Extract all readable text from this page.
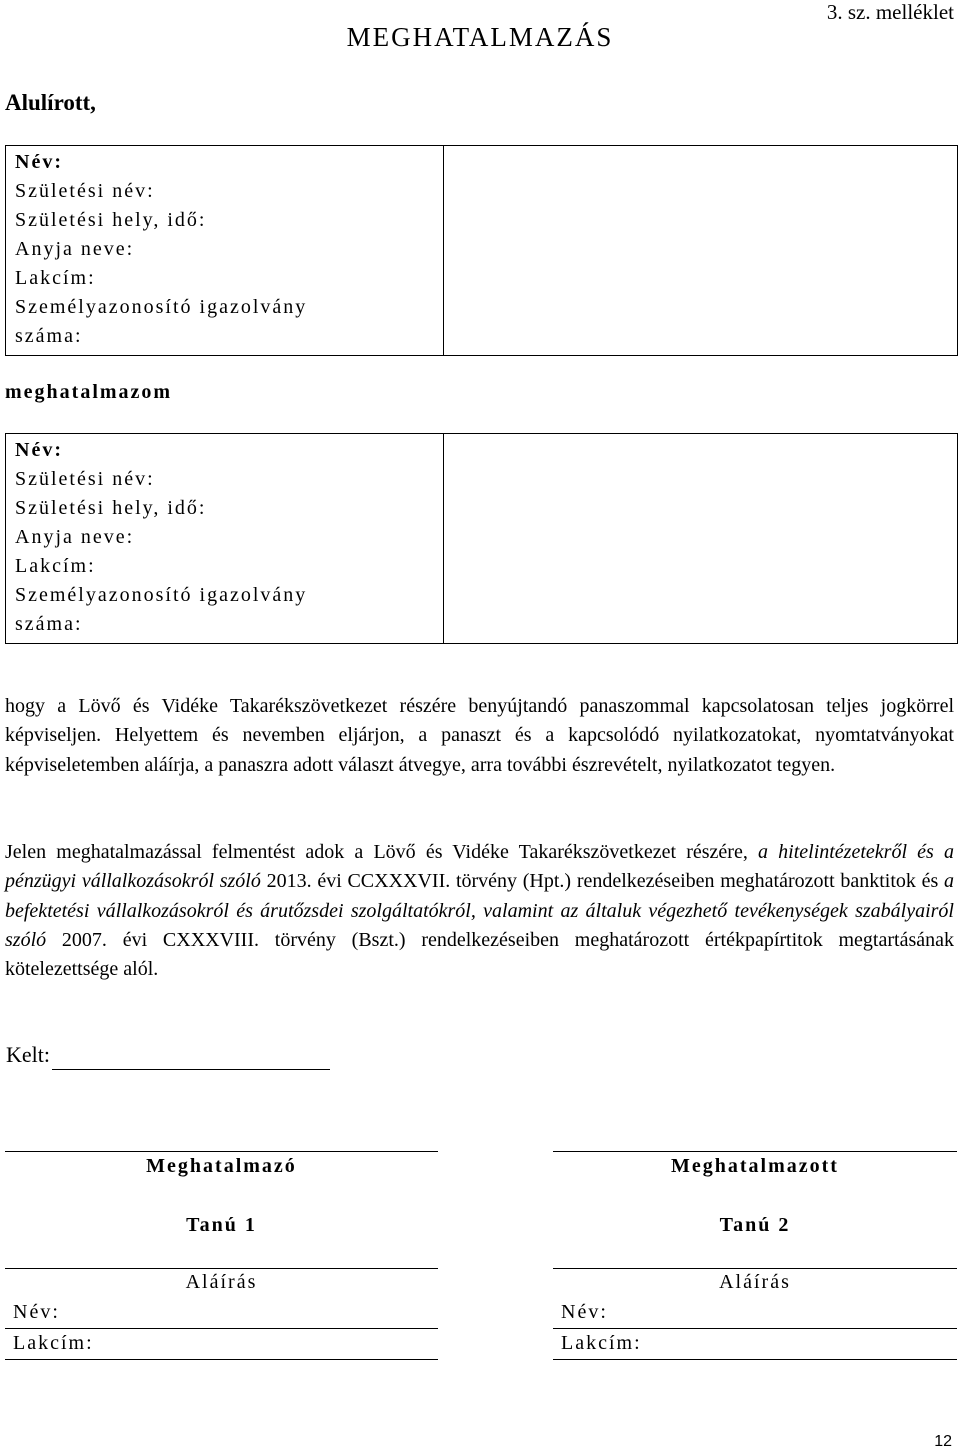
3. sz. melléklet
MEGHATALMAZÁS
Alulírott,
Név:
Születési név:
Születési hely, idő:
Anyja neve:
Lakcím:
Személyazonosító igazolvány
száma:

meghatalmazom
Név:
Születési név:
Születési hely, idő:
Anyja neve:
Lakcím:
Személyazonosító igazolvány
száma:

hogy a Lövő és Vidéke Takarékszövetkezet részére benyújtandó panaszommal kapcsolatosan teljes jogkörrel képviseljen. Helyettem és nevemben eljárjon, a panaszt és a kapcsolódó nyilatkozatokat, nyomtatványokat képviseletemben aláírja, a panaszra adott választ átvegye, arra további észrevételt, nyilatkozatot tegyen.
Jelen meghatalmazással felmentést adok a Lövő és Vidéke Takarékszövetkezet részére, a hitelintézetekről és a pénzügyi vállalkozásokról szóló 2013. évi CCXXXVII. törvény (Hpt.) rendelkezéseiben meghatározott banktitok és a befektetési vállalkozásokról és árutőzsdei szolgáltatókról, valamint az általuk végezhető tevékenységek szabályairól szóló 2007. évi CXXXVIII. törvény (Bszt.) rendelkezéseiben meghatározott értékpapírtitok megtartásának kötelezettsége alól.
Kelt:
Meghatalmazó	Meghatalmazott
Tanú 1	Tanú 2
Aláírás	Aláírás
Név:	Név:
Lakcím:	Lakcím:
12
